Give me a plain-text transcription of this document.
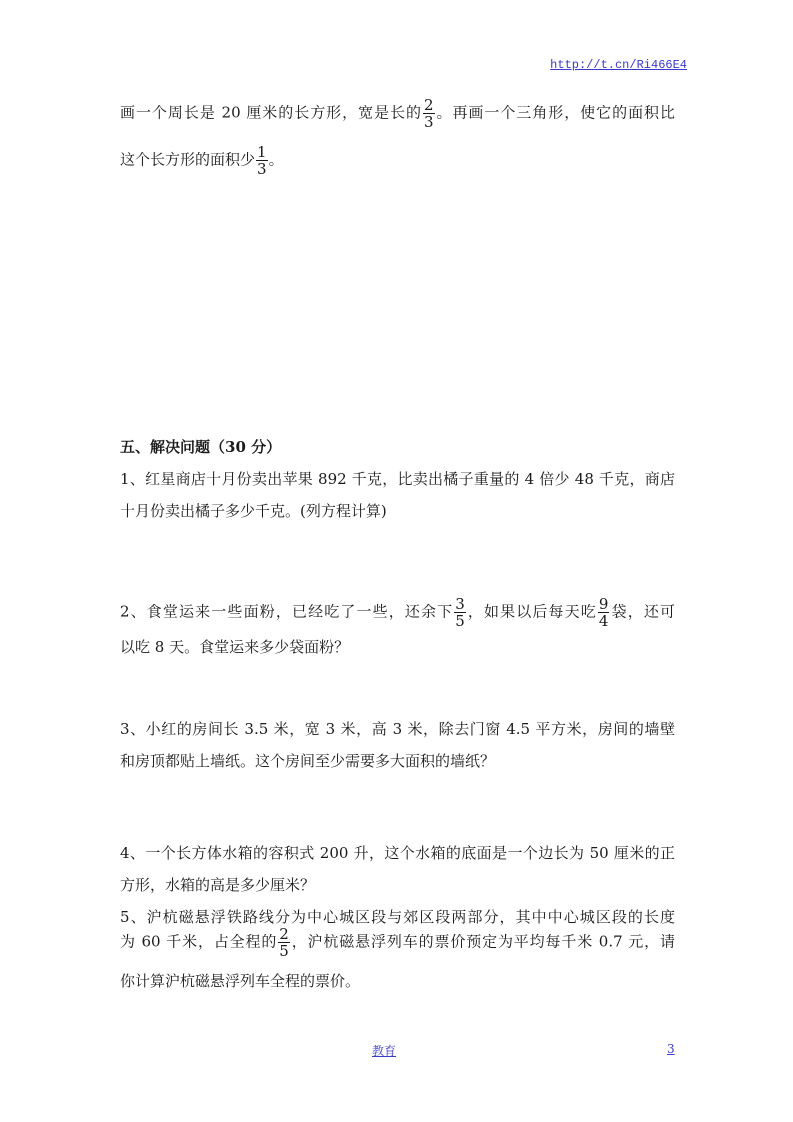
http://t.cn/Ri466E4
画一个周长是 20 厘米的长方形，宽是长的 $\frac{2}{3}$ 。再画一个三角形，使它的面积比
这个长方形的面积少 $\frac{1}{3}$ 。
五、解决问题（30 分）
1、红星商店十月份卖出苹果 892 千克，比卖出橘子重量的 4 倍少 48 千克，商店
十月份卖出橘子多少千克。(列方程计算)
2、食堂运来一些面粉，已经吃了一些，还余下 $\frac{3}{5}$ ，如果以后每天吃 $\frac{9}{4}$ 袋，还可
以吃 8 天。食堂运来多少袋面粉？
3、小红的房间长 3.5 米，宽 3 米，高 3 米，除去门窗 4.5 平方米，房间的墙壁
和房顶都贴上墙纸。这个房间至少需要多大面积的墙纸？
4、一个长方体水箱的容积式 200 升，这个水箱的底面是一个边长为 50 厘米的正
方形，水箱的高是多少厘米？
5、沪杭磁悬浮铁路线分为中心城区段与郊区段两部分，其中中心城区段的长度
为 60 千米，占全程的 $\frac{2}{5}$ ，沪杭磁悬浮列车的票价预定为平均每千米 0.7 元，请
你计算沪杭磁悬浮列车全程的票价。
教育	3
